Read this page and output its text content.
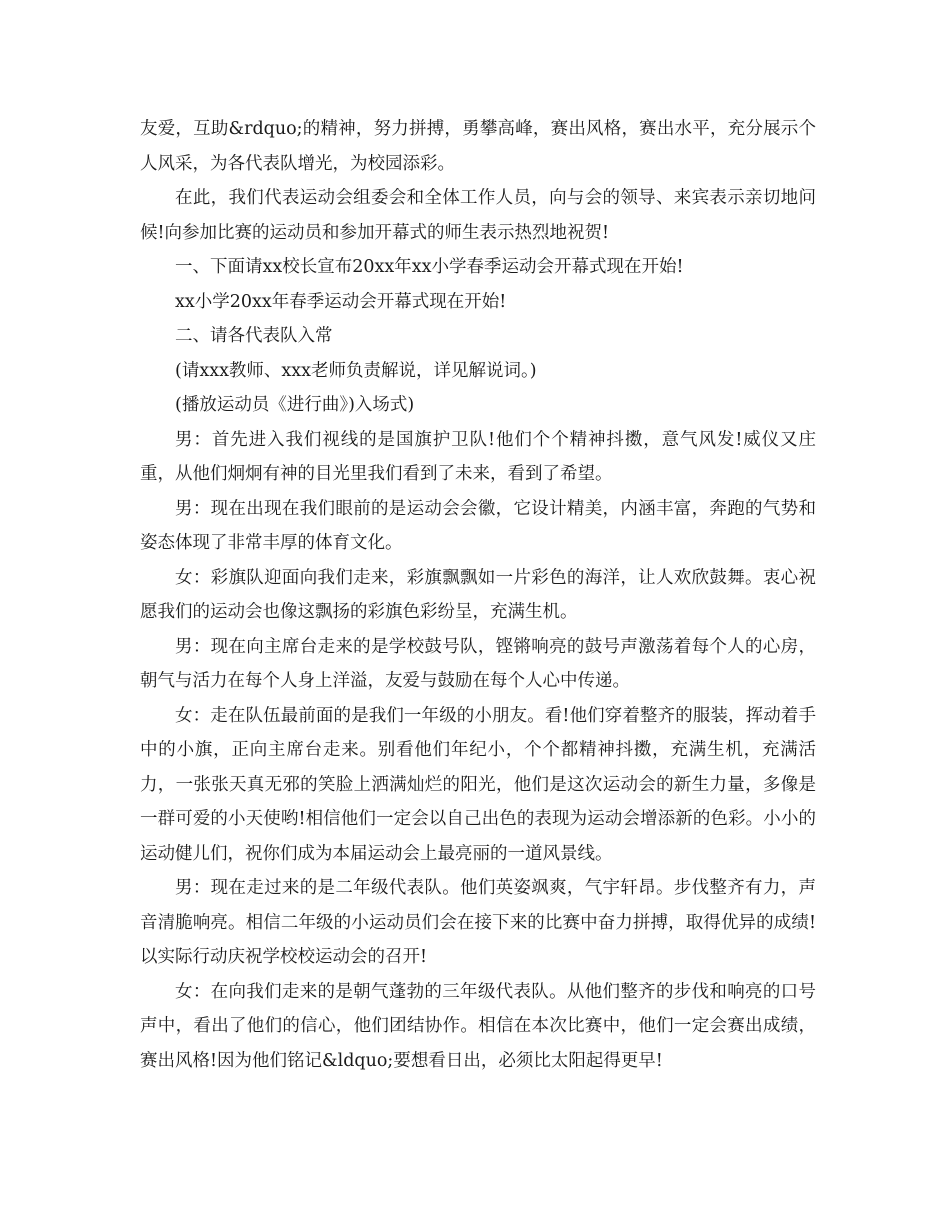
友爱，互助&rdquo;的精神，努力拼搏，勇攀高峰，赛出风格，赛出水平，充分展示个人风采，为各代表队增光，为校园添彩。

在此，我们代表运动会组委会和全体工作人员，向与会的领导、来宾表示亲切地问候!向参加比赛的运动员和参加开幕式的师生表示热烈地祝贺!

一、下面请xx校长宣布20xx年xx小学春季运动会开幕式现在开始!

xx小学20xx年春季运动会开幕式现在开始!

二、请各代表队入常

(请xxx教师、xxx老师负责解说，详见解说词。)

(播放运动员《进行曲》)入场式)

男：首先进入我们视线的是国旗护卫队!他们个个精神抖擞，意气风发!威仪又庄重，从他们炯炯有神的目光里我们看到了未来，看到了希望。

男：现在出现在我们眼前的是运动会会徽，它设计精美，内涵丰富，奔跑的气势和姿态体现了非常丰厚的体育文化。

女：彩旗队迎面向我们走来，彩旗飘飘如一片彩色的海洋，让人欢欣鼓舞。衷心祝愿我们的运动会也像这飘扬的彩旗色彩纷呈，充满生机。

男：现在向主席台走来的是学校鼓号队，铿锵响亮的鼓号声激荡着每个人的心房，朝气与活力在每个人身上洋溢，友爱与鼓励在每个人心中传递。

女：走在队伍最前面的是我们一年级的小朋友。看!他们穿着整齐的服装，挥动着手中的小旗，正向主席台走来。别看他们年纪小，个个都精神抖擞，充满生机，充满活力，一张张天真无邪的笑脸上洒满灿烂的阳光，他们是这次运动会的新生力量，多像是一群可爱的小天使哟!相信他们一定会以自己出色的表现为运动会增添新的色彩。小小的运动健儿们，祝你们成为本届运动会上最亮丽的一道风景线。

男：现在走过来的是二年级代表队。他们英姿飒爽，气宇轩昂。步伐整齐有力，声音清脆响亮。相信二年级的小运动员们会在接下来的比赛中奋力拼搏，取得优异的成绩!以实际行动庆祝学校校运动会的召开!

女：在向我们走来的是朝气蓬勃的三年级代表队。从他们整齐的步伐和响亮的口号声中，看出了他们的信心，他们团结协作。相信在本次比赛中，他们一定会赛出成绩，赛出风格!因为他们铭记&ldquo;要想看日出，必须比太阳起得更早!
